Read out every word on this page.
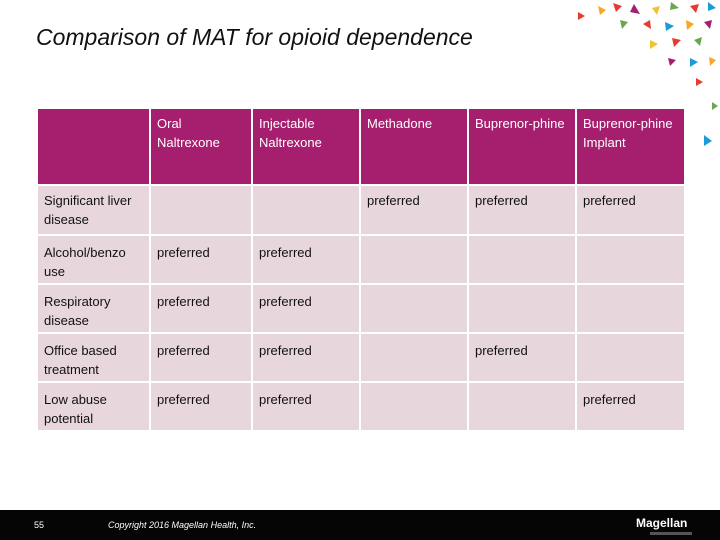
Comparison of MAT for opioid dependence
	Oral Naltrexone	Injectable Naltrexone	Methadone	Buprenor-phine	Buprenor-phine Implant
Significant liver disease			preferred	preferred	preferred
Alcohol/benzo use	preferred	preferred			
Respiratory disease	preferred	preferred			
Office based treatment	preferred	preferred		preferred	
Low abuse potential	preferred	preferred			preferred
55	Copyright 2016 Magellan Health, Inc.	Magellan
